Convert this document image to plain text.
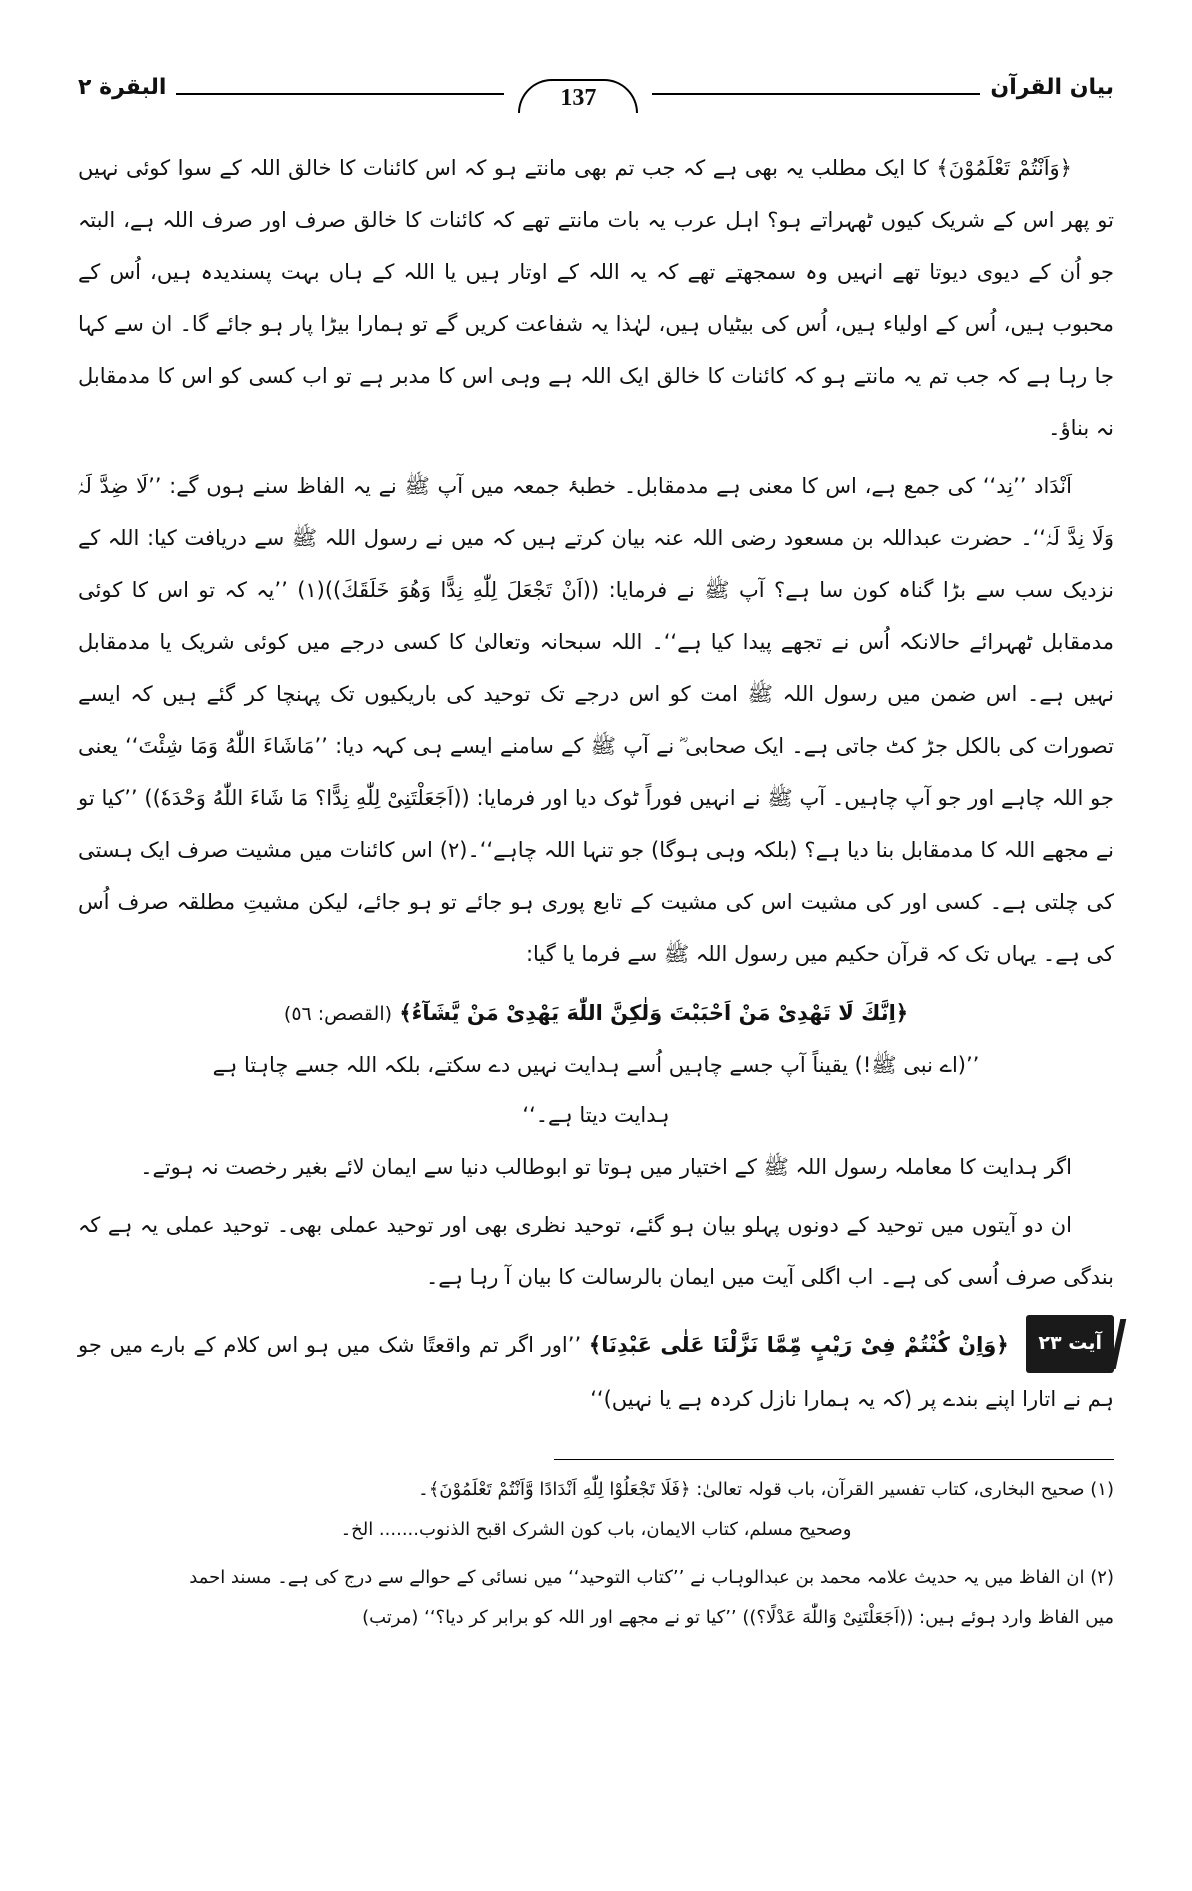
بیان القرآن
137
البقرة ٢

﴿وَاَنْتُمْ تَعْلَمُوْنَ﴾ کا ایک مطلب یہ بھی ہے کہ جب تم بھی مانتے ہو کہ اس کائنات کا خالق اللہ کے سوا کوئی نہیں تو پھر اس کے شریک کیوں ٹھہراتے ہو؟ اہل عرب یہ بات مانتے تھے کہ کائنات کا خالق صرف اور صرف اللہ ہے، البتہ جو اُن کے دیوی دیوتا تھے انہیں وہ سمجھتے تھے کہ یہ اللہ کے اوتار ہیں یا اللہ کے ہاں بہت پسندیدہ ہیں، اُس کے محبوب ہیں، اُس کے اولیاء ہیں، اُس کی بیٹیاں ہیں، لہٰذا یہ شفاعت کریں گے تو ہمارا بیڑا پار ہو جائے گا۔ ان سے کہا جا رہا ہے کہ جب تم یہ مانتے ہو کہ کائنات کا خالق ایک اللہ ہے وہی اس کا مدبر ہے تو اب کسی کو اس کا مدمقابل نہ بناؤ۔

اَنْدَاد ’’نِد‘‘ کی جمع ہے، اس کا معنی ہے مدمقابل۔ خطبۂ جمعہ میں آپ ﷺ نے یہ الفاظ سنے ہوں گے: ’’لَا ضِدَّ لَہٗ وَلَا نِدَّ لَہٗ‘‘۔ حضرت عبداللہ بن مسعود رضی اللہ عنہ بیان کرتے ہیں کہ میں نے رسول اللہ ﷺ سے دریافت کیا: اللہ کے نزدیک سب سے بڑا گناہ کون سا ہے؟ آپ ﷺ نے فرمایا: ((اَنْ تَجْعَلَ لِلّٰهِ نِدًّا وَهُوَ خَلَقَكَ))(۱) ’’یہ کہ تو اس کا کوئی مدمقابل ٹھہرائے حالانکہ اُس نے تجھے پیدا کیا ہے‘‘۔ اللہ سبحانہ وتعالیٰ کا کسی درجے میں کوئی شریک یا مدمقابل نہیں ہے۔ اس ضمن میں رسول اللہ ﷺ امت کو اس درجے تک توحید کی باریکیوں تک پہنچا کر گئے ہیں کہ ایسے تصورات کی بالکل جڑ کٹ جاتی ہے۔ ایک صحابی ؓ نے آپ ﷺ کے سامنے ایسے ہی کہہ دیا: ’’مَاشَاءَ اللّٰهُ وَمَا شِئْتَ‘‘ یعنی جو اللہ چاہے اور جو آپ چاہیں۔ آپ ﷺ نے انہیں فوراً ٹوک دیا اور فرمایا: ((اَجَعَلْتَنِیْ لِلّٰهِ نِدًّا؟ مَا شَاءَ اللّٰهُ وَحْدَهٗ)) ’’کیا تو نے مجھے اللہ کا مدمقابل بنا دیا ہے؟ (بلکہ وہی ہوگا) جو تنہا اللہ چاہے‘‘۔(۲) اس کائنات میں مشیت صرف ایک ہستی کی چلتی ہے۔ کسی اور کی مشیت اس کی مشیت کے تابع پوری ہو جائے تو ہو جائے، لیکن مشیتِ مطلقہ صرف اُس کی ہے۔ یہاں تک کہ قرآن حکیم میں رسول اللہ ﷺ سے فرما یا گیا:

﴿اِنَّكَ لَا تَهْدِىْ مَنْ اَحْبَبْتَ وَلٰكِنَّ اللّٰهَ يَهْدِىْ مَنْ يَّشَآءُ﴾ (القصص: ٥٦)

’’(اے نبی ﷺ!) یقیناً آپ جسے چاہیں اُسے ہدایت نہیں دے سکتے، بلکہ اللہ جسے چاہتا ہے

ہدایت دیتا ہے۔‘‘

اگر ہدایت کا معاملہ رسول اللہ ﷺ کے اختیار میں ہوتا تو ابوطالب دنیا سے ایمان لائے بغیر رخصت نہ ہوتے۔

ان دو آیتوں میں توحید کے دونوں پہلو بیان ہو گئے، توحید نظری بھی اور توحید عملی بھی۔ توحید عملی یہ ہے کہ بندگی صرف اُسی کی ہے۔ اب اگلی آیت میں ایمان بالرسالت کا بیان آ رہا ہے۔

آیت ۲۳ ﴿وَاِنْ كُنْتُمْ فِىْ رَيْبٍ مِّمَّا نَزَّلْنَا عَلٰى عَبْدِنَا﴾ ’’اور اگر تم واقعتًا شک میں ہو اس کلام کے بارے میں جو ہم نے اتارا اپنے بندے پر (کہ یہ ہمارا نازل کردہ ہے یا نہیں)‘‘
(۱) صحیح البخاری، کتاب تفسیر القرآن، باب قولہ تعالیٰ: ﴿فَلَا تَجْعَلُوْا لِلّٰهِ اَنْدَادًا وَّاَنْتُمْ تَعْلَمُوْنَ﴾۔
وصحیح مسلم، کتاب الایمان، باب کون الشرک اقبح الذنوب....... الخ۔
(۲) ان الفاظ میں یہ حدیث علامہ محمد بن عبدالوہاب نے ’’کتاب التوحید‘‘ میں نسائی کے حوالے سے درج کی ہے۔ مسند احمد
میں الفاظ وارد ہوئے ہیں: ((اَجَعَلْتَنِیْ وَاللّٰهَ عَدْلًا؟)) ’’کیا تو نے مجھے اور اللہ کو برابر کر دیا؟‘‘ (مرتب)
